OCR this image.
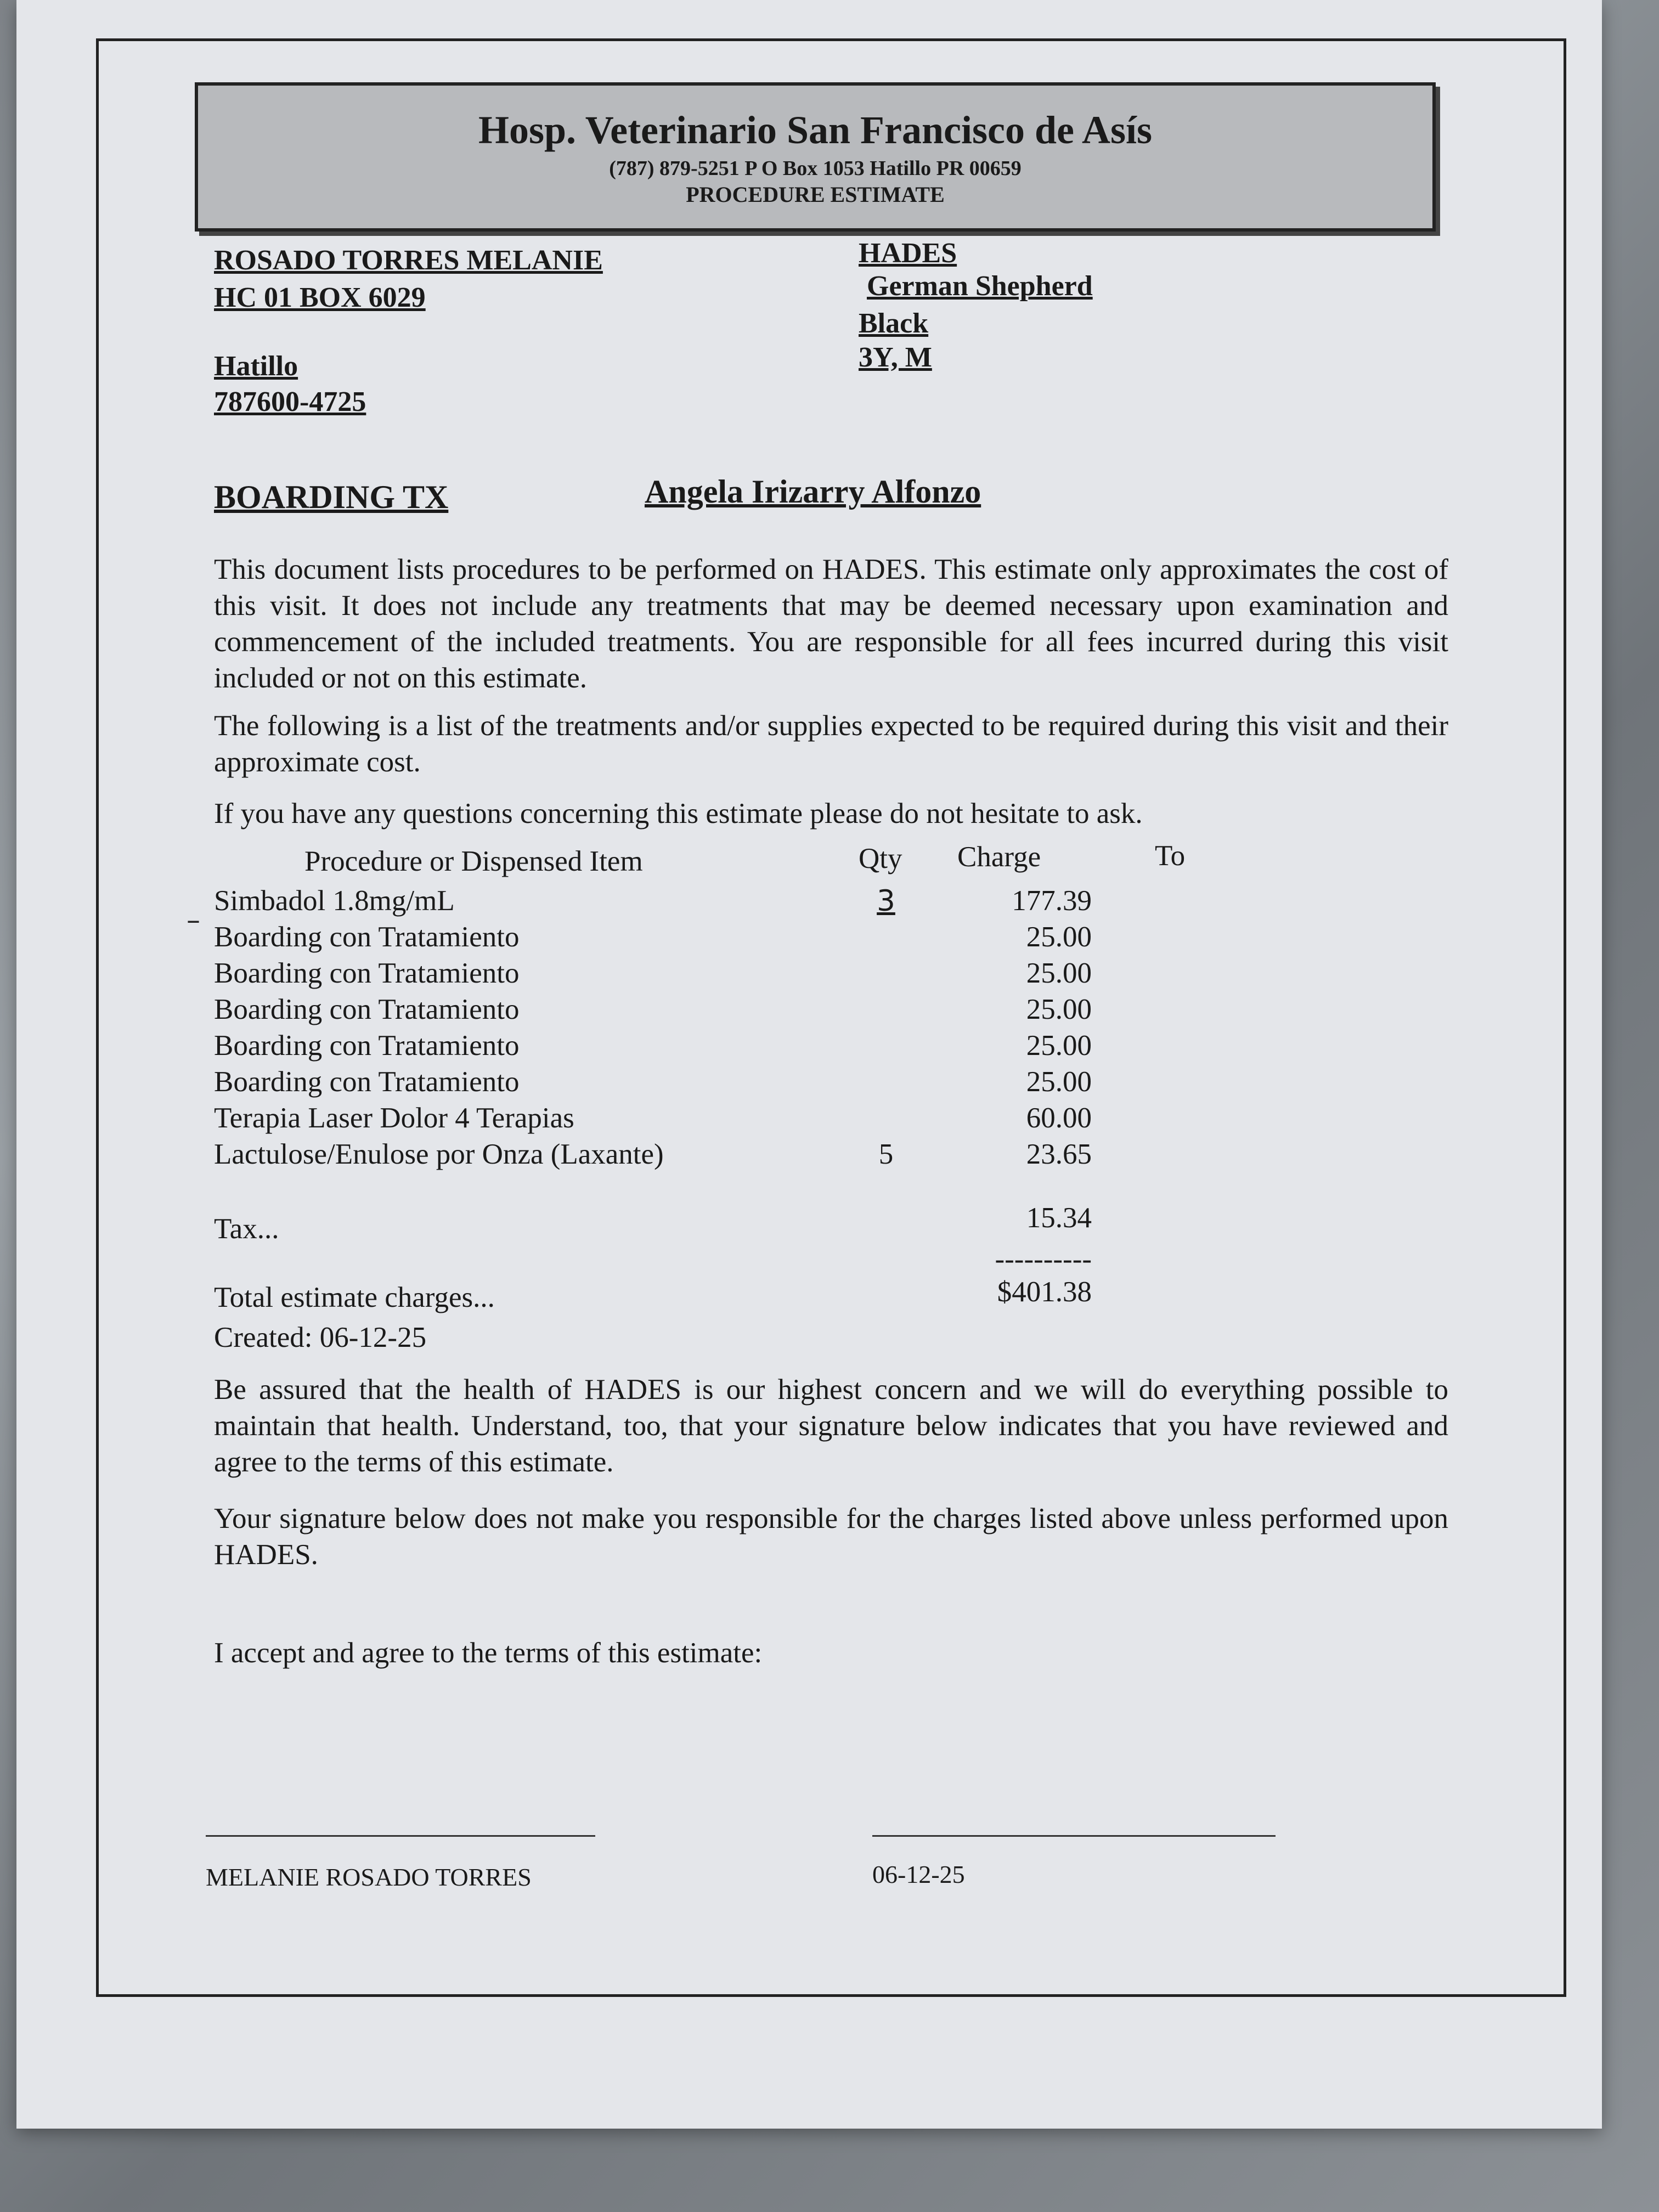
Hosp. Veterinario San Francisco de Asís
(787) 879-5251 P O Box 1053 Hatillo PR 00659
PROCEDURE ESTIMATE
ROSADO TORRES MELANIE
HC 01 BOX 6029
Hatillo
787600-4725
HADES
German Shepherd
Black
3Y, M
BOARDING TX	Angela Irizarry Alfonzo
This document lists procedures to be performed on HADES. This estimate only approximates the cost of this visit. It does not include any treatments that may be deemed necessary upon examination and commencement of the included treatments. You are responsible for all fees incurred during this visit included or not on this estimate.
The following is a list of the treatments and/or supplies expected to be required during this visit and their approximate cost.
If you have any questions concerning this estimate please do not hesitate to ask.
Procedure or Dispensed Item	Qty Charge	To
–
Simbadol 1.8mg/mL	3	177.39
Boarding con Tratamiento	25.00
Boarding con Tratamiento	25.00
Boarding con Tratamiento	25.00
Boarding con Tratamiento	25.00
Boarding con Tratamiento	25.00
Terapia Laser Dolor 4 Terapias	60.00
Lactulose/Enulose por Onza (Laxante)	5	23.65
Tax...	15.34
----------
Total estimate charges...	$401.38
Created: 06-12-25
Be assured that the health of HADES is our highest concern and we will do everything possible to maintain that health. Understand, too, that your signature below indicates that you have reviewed and agree to the terms of this estimate.
Your signature below does not make you responsible for the charges listed above unless performed upon HADES.
I accept and agree to the terms of this estimate:
MELANIE ROSADO TORRES	06-12-25
